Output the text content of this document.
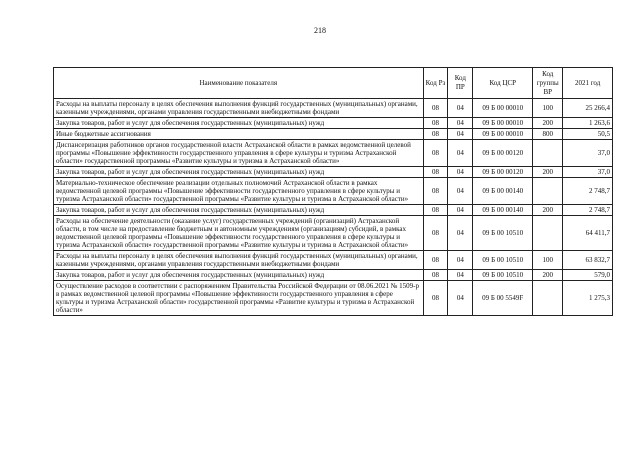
218
Наименование показателя	Код Рз	Код ПР	Код ЦСР	Код группы ВР	2021 год
Расходы на выплаты персоналу в целях обеспечения выполнения функций государственных (муниципальных) органами, казенными учреждениями, органами управления государственными внебюджетными фондами	08	04	09 Б 00 00010	100	25 266,4
Закупка товаров, работ и услуг для обеспечения государственных (муниципальных) нужд	08	04	09 Б 00 00010	200	1 263,6
Иные бюджетные ассигнования	08	04	09 Б 00 00010	800	50,5
Диспансеризация работников органов государственной власти Астраханской области в рамках ведомственной целевой программы «Повышение эффективности государственного управления в сфере культуры и туризма Астраханской области» государственной программы «Развитие культуры и туризма в Астраханской области»	08	04	09 Б 00 00120		37,0
Закупка товаров, работ и услуг для обеспечения государственных (муниципальных) нужд	08	04	09 Б 00 00120	200	37,0
Материально-техническое обеспечение реализации отдельных полномочий Астраханской области в рамках ведомственной целевой программы «Повышение эффективности государственного управления в сфере культуры и туризма Астраханской области» государственной программы «Развитие культуры и туризма в Астраханской области»	08	04	09 Б 00 00140		2 748,7
Закупка товаров, работ и услуг для обеспечения государственных (муниципальных) нужд	08	04	09 Б 00 00140	200	2 748,7
Расходы на обеспечение деятельности (оказание услуг) государственных учреждений (организаций) Астраханской области, в том числе на предоставление бюджетным и автономным учреждениям (организациям) субсидий, в рамках ведомственной целевой программы «Повышение эффективности государственного управления в сфере культуры и туризма Астраханской области» государственной программы «Развитие культуры и туризма в Астраханской области»	08	04	09 Б 00 10510		64 411,7
Расходы на выплаты персоналу в целях обеспечения выполнения функций государственных (муниципальных) органами, казенными учреждениями, органами управления государственными внебюджетными фондами	08	04	09 Б 00 10510	100	63 832,7
Закупка товаров, работ и услуг для обеспечения государственных (муниципальных) нужд	08	04	09 Б 00 10510	200	579,0
Осуществление расходов в соответствии с распоряжением Правительства Российской Федерации от 08.06.2021 № 1509-р в рамках ведомственной целевой программы «Повышение эффективности государственного управления в сфере культуры и туризма Астраханской области» государственной программы «Развитие культуры и туризма в Астраханской области»	08	04	09 Б 00 5549F		1 275,3
